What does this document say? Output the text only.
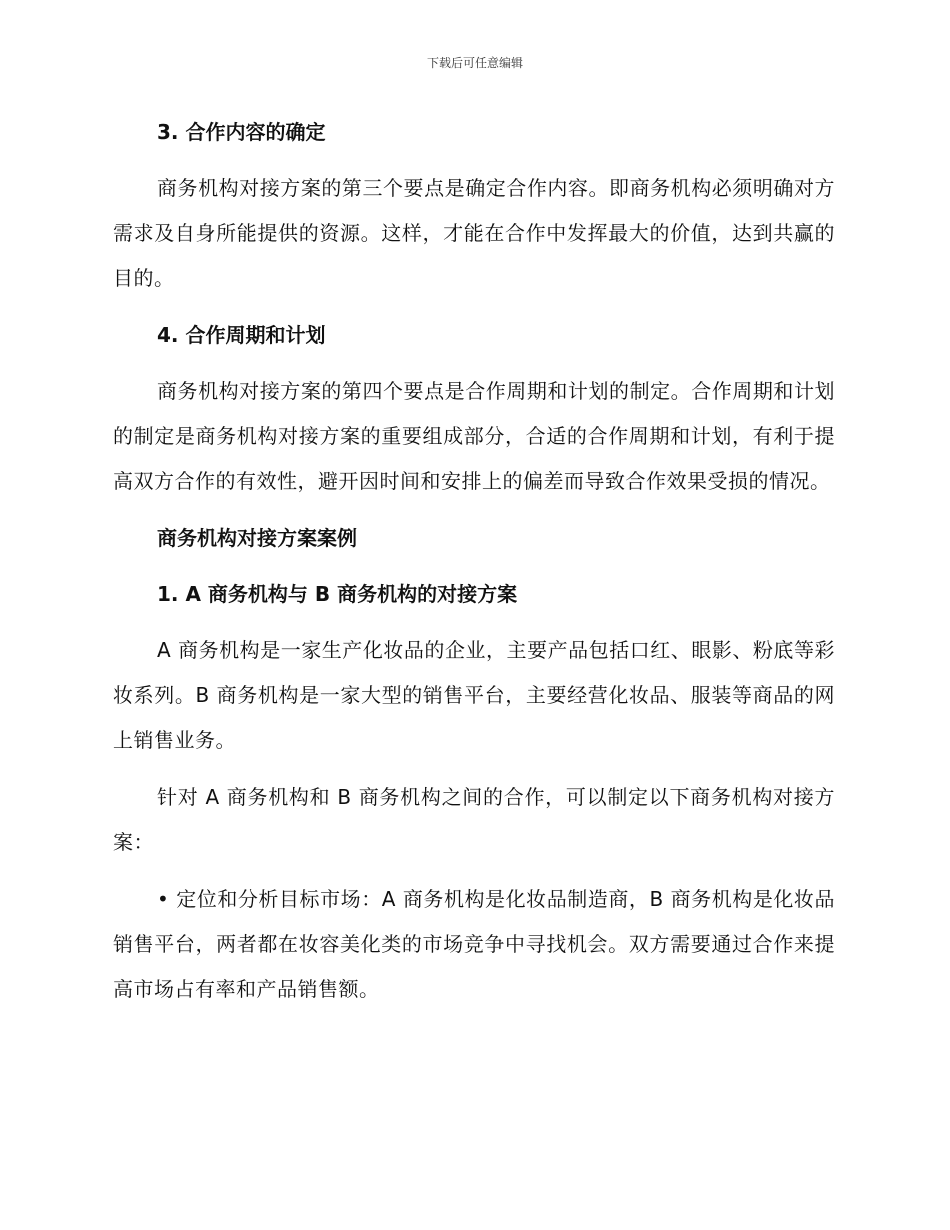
下载后可任意编辑
3. 合作内容的确定

商务机构对接方案的第三个要点是确定合作内容。即商务机构必须明确对方需求及自身所能提供的资源。这样，才能在合作中发挥最大的价值，达到共赢的目的。

4. 合作周期和计划

商务机构对接方案的第四个要点是合作周期和计划的制定。合作周期和计划的制定是商务机构对接方案的重要组成部分，合适的合作周期和计划，有利于提高双方合作的有效性，避开因时间和安排上的偏差而导致合作效果受损的情况。

商务机构对接方案案例
1. A 商务机构与 B 商务机构的对接方案

A 商务机构是一家生产化妆品的企业，主要产品包括口红、眼影、粉底等彩妆系列。B 商务机构是一家大型的销售平台，主要经营化妆品、服装等商品的网上销售业务。

针对 A 商务机构和 B 商务机构之间的合作，可以制定以下商务机构对接方案：

• 定位和分析目标市场：A 商务机构是化妆品制造商，B 商务机构是化妆品销售平台，两者都在妆容美化类的市场竞争中寻找机会。双方需要通过合作来提高市场占有率和产品销售额。
